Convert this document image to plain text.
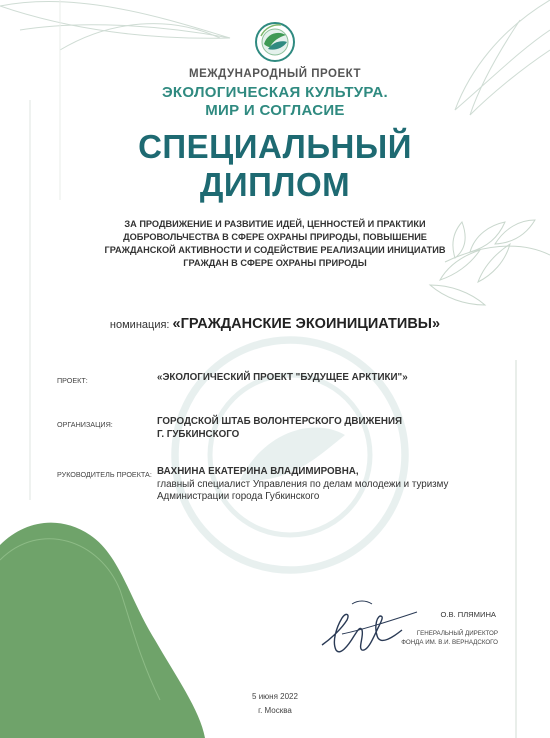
МЕЖДУНАРОДНЫЙ ПРОЕКТ
ЭКОЛОГИЧЕСКАЯ КУЛЬТУРА.
МИР И СОГЛАСИЕ
СПЕЦИАЛЬНЫЙ
ДИПЛОМ
ЗА ПРОДВИЖЕНИЕ И РАЗВИТИЕ ИДЕЙ, ЦЕННОСТЕЙ И ПРАКТИКИ ДОБРОВОЛЬЧЕСТВА В СФЕРЕ ОХРАНЫ ПРИРОДЫ, ПОВЫШЕНИЕ ГРАЖДАНСКОЙ АКТИВНОСТИ И СОДЕЙСТВИЕ РЕАЛИЗАЦИИ ИНИЦИАТИВ ГРАЖДАН В СФЕРЕ ОХРАНЫ ПРИРОДЫ
номинация: «ГРАЖДАНСКИЕ ЭКОИНИЦИАТИВЫ»
ПРОЕКТ:	«ЭКОЛОГИЧЕСКИЙ ПРОЕКТ "БУДУЩЕЕ АРКТИКИ"»
ОРГАНИЗАЦИЯ:	ГОРОДСКОЙ ШТАБ ВОЛОНТЕРСКОГО ДВИЖЕНИЯ
Г. ГУБКИНСКОГО
РУКОВОДИТЕЛЬ ПРОЕКТА: ВАХНИНА ЕКАТЕРИНА ВЛАДИМИРОВНА,
главный специалист Управления по делам молодежи и туризму
Администрации города Губкинского
О.В. ПЛЯМИНА
ГЕНЕРАЛЬНЫЙ ДИРЕКТОР
ФОНДА ИМ. В.И. ВЕРНАДСКОГО
5 июня 2022
г. Москва
